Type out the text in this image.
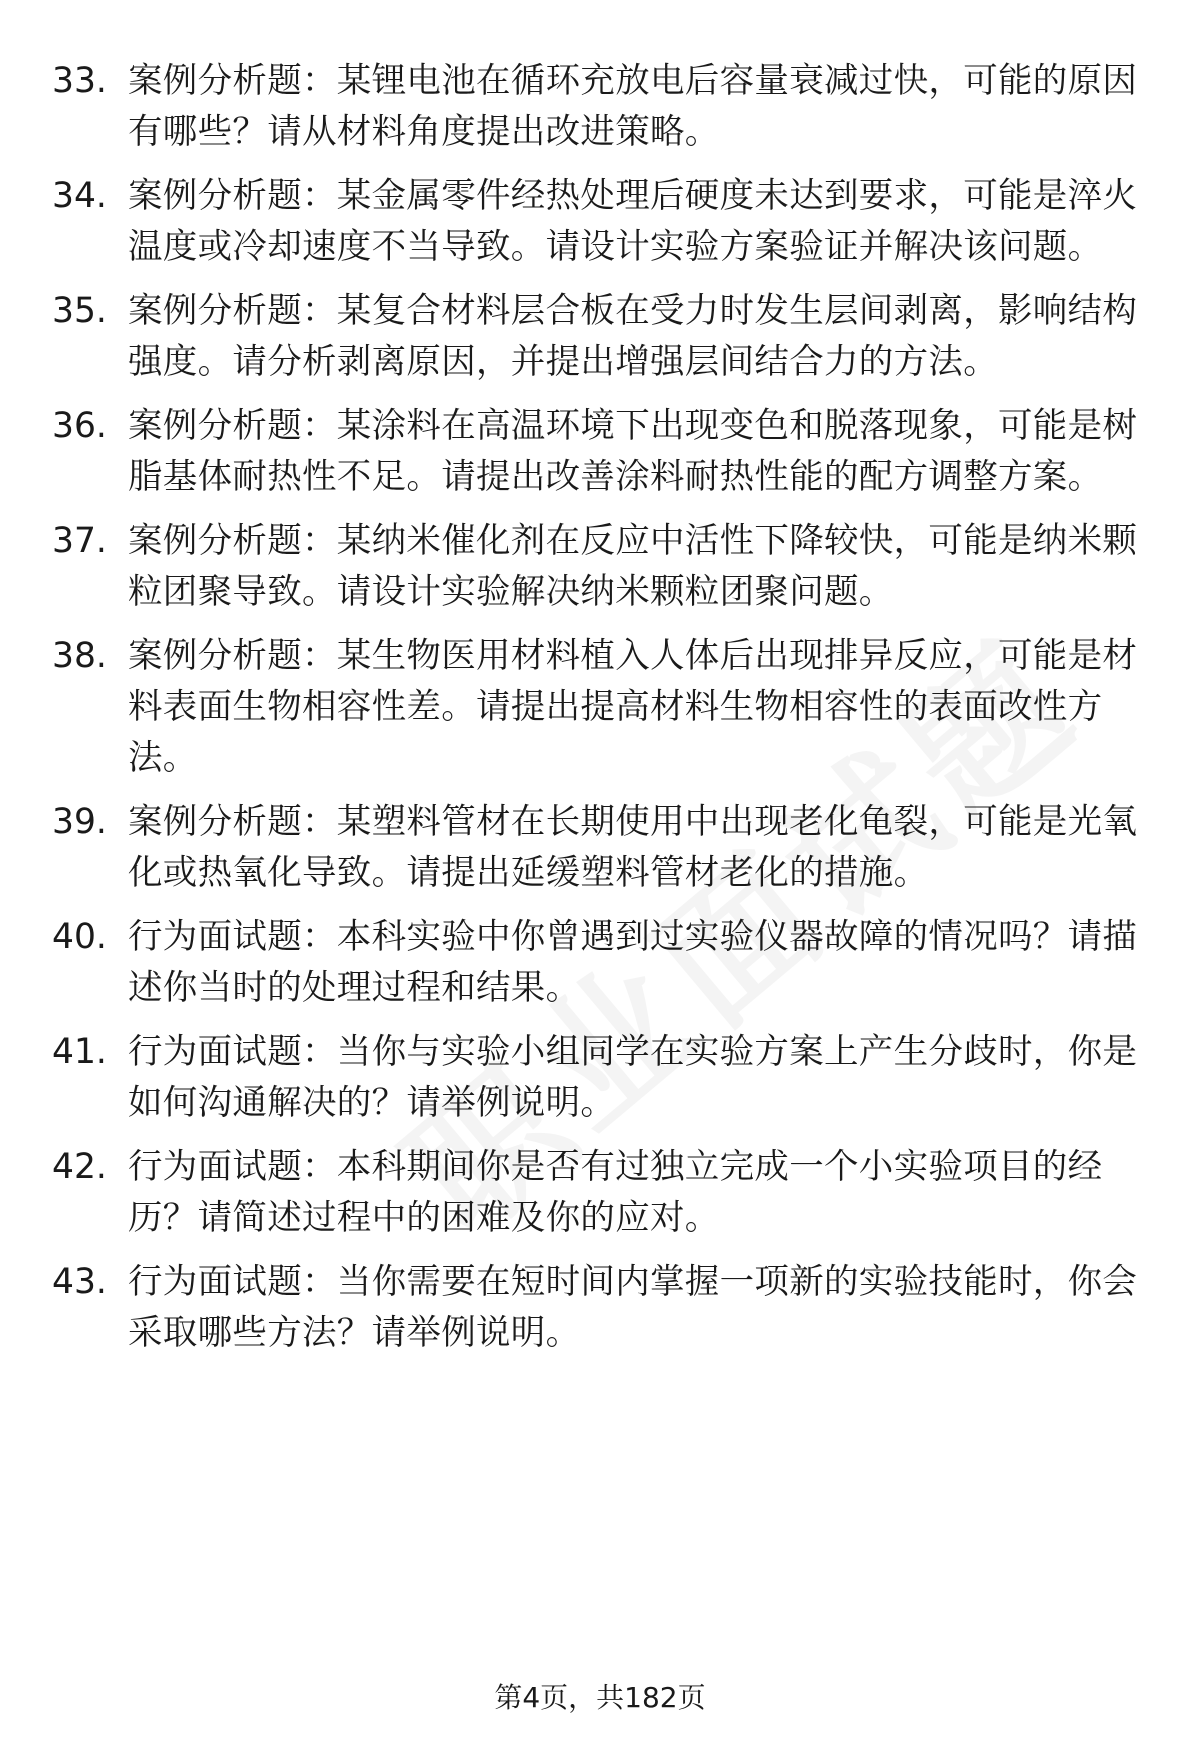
33. 案例分析题：某锂电池在循环充放电后容量衰减过快，可能的原因有哪些？请从材料角度提出改进策略。
34. 案例分析题：某金属零件经热处理后硬度未达到要求，可能是淬火温度或冷却速度不当导致。请设计实验方案验证并解决该问题。
35. 案例分析题：某复合材料层合板在受力时发生层间剥离，影响结构强度。请分析剥离原因，并提出增强层间结合力的方法。
36. 案例分析题：某涂料在高温环境下出现变色和脱落现象，可能是树脂基体耐热性不足。请提出改善涂料耐热性能的配方调整方案。
37. 案例分析题：某纳米催化剂在反应中活性下降较快，可能是纳米颗粒团聚导致。请设计实验解决纳米颗粒团聚问题。
38. 案例分析题：某生物医用材料植入人体后出现排异反应，可能是材料表面生物相容性差。请提出提高材料生物相容性的表面改性方法。
39. 案例分析题：某塑料管材在长期使用中出现老化龟裂，可能是光氧化或热氧化导致。请提出延缓塑料管材老化的措施。
40. 行为面试题：本科实验中你曾遇到过实验仪器故障的情况吗？请描述你当时的处理过程和结果。
41. 行为面试题：当你与实验小组同学在实验方案上产生分歧时，你是如何沟通解决的？请举例说明。
42. 行为面试题：本科期间你是否有过独立完成一个小实验项目的经历？请简述过程中的困难及你的应对。
43. 行为面试题：当你需要在短时间内掌握一项新的实验技能时，你会采取哪些方法？请举例说明。
第4页，共182页
